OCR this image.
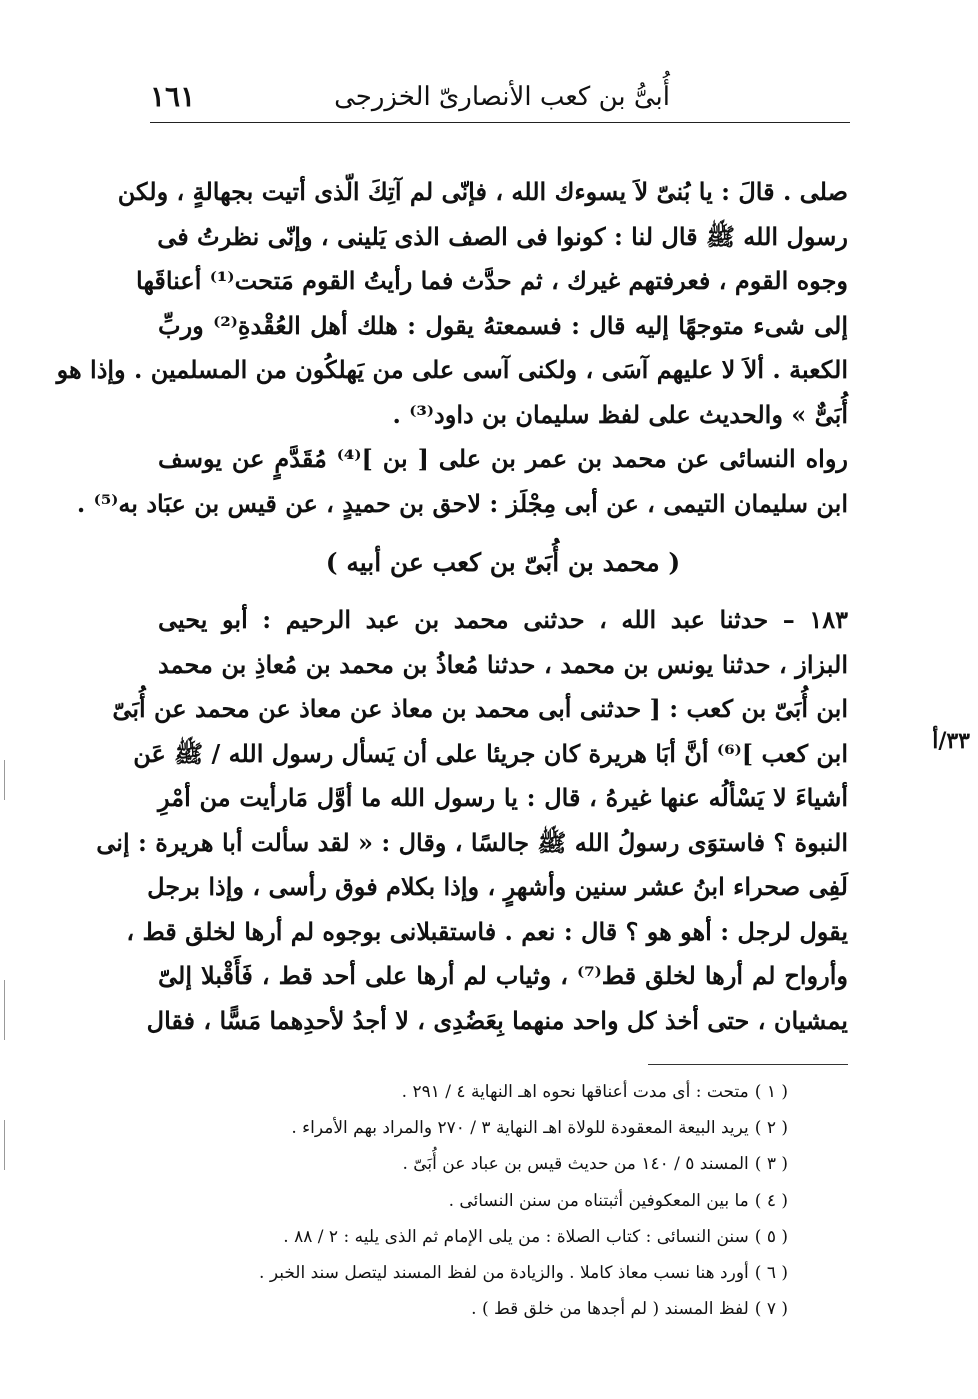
أُبىُّ بن كعب الأنصارىّ الخزرجى
١٦١
صلى . قالَ : يا بُنىّ لاَ يسوءك الله ، فإنّى لم آتِكَ الّذى أتيت بجهالةٍ ، ولكن
رسول الله ﷺ قال لنا : كونوا فى الصف الذى يَلينى ، وإنّى نظرتُ فى
وجوه القوم ، فعرفتهم غيرك ، ثم حدَّث فما رأيتُ القوم مَتحت⁽¹⁾ أعناقَها
إلى شىء متوجهًا إليه قال : فسمعتهُ يقول : هلك أهل العُقْدةِ⁽²⁾ وربِّ
الكعبة . ألاَ لا عليهم آسَى ، ولكنى آسى على من يَهلكُون من المسلمين . وإذا هو
أُبَىٌّ » والحديث على لفظ سليمان بن داود⁽³⁾ .
رواه النسائى عن محمد بن عمر بن على [ بن ]⁽⁴⁾ مُقَدَّمٍ عن يوسف
ابن سليمان التيمى ، عن أبى مِجْلَز : لاحق بن حميدٍ ، عن قيس بن عبَاد به⁽⁵⁾ .
( محمد بن أُبَىّ بن كعب عن أبيه )
١٨٣ – حدثنا عبد الله ، حدثنى محمد بن عبد الرحيم : أبو يحيى
البزاز ، حدثنا يونس بن محمد ، حدثنا مُعاذُ بن محمد بن مُعاذِ بن محمد
ابن أُبَىّ بن كعب : [ حدثنى أبى محمد بن معاذ عن معاذ عن محمد عن أُبَىّ
ابن كعب ]⁽⁶⁾ أنَّ أبَا هريرة كان جريئا على أن يَسأل رسول الله / ﷺ عَن
أشياءَ لا يَسْألُه عنها غيرهُ ، قال : يا رسول الله ما أوَّل مَارأيت من أمْرِ
النبوة ؟ فاستوَى رسولُ الله ﷺ جالسًا ، وقال : « لقد سألت أبا هريرة : إنى
لَفِى صحراء ابنُ عشر سنين وأشهرٍ ، وإذا بكلام فوق رأسى ، وإذا برجل
يقول لرجل : أهو هو ؟ قال : نعم . فاستقبلانى بوجوه لم أرها لخلق قط ،
وأرواح لم أرها لخلق قط⁽⁷⁾ ، وثياب لم أرها على أحد قط ، فَأَقْبلا إلىّ
يمشيان ، حتى أخذ كل واحد منهما بِعَضُدِى ، لا أجدُ لأحدِهما مَسًّا ، فقال
٣٣/أ
( ١ )متحت : أى مدت أعناقها نحوه اهـ النهاية ٤ / ٢٩١ .
( ٢ )يريد البيعة المعقودة للولاة اهـ النهاية ٣ / ٢٧٠ والمراد بهم الأمراء .
( ٣ )المسند ٥ / ١٤٠ من حديث قيس بن عباد عن أُبَىّ .
( ٤ )ما بين المعكوفين أثبتناه من سنن النسائى .
( ٥ )سنن النسائى : كتاب الصلاة : من يلى الإمام ثم الذى يليه : ٢ / ٨٨ .
( ٦ )أورد هنا نسب معاذ كاملا . والزيادة من لفظ المسند ليتصل سند الخبر .
( ٧ )لفظ المسند ( لم أجدها من خلق قط ) .
